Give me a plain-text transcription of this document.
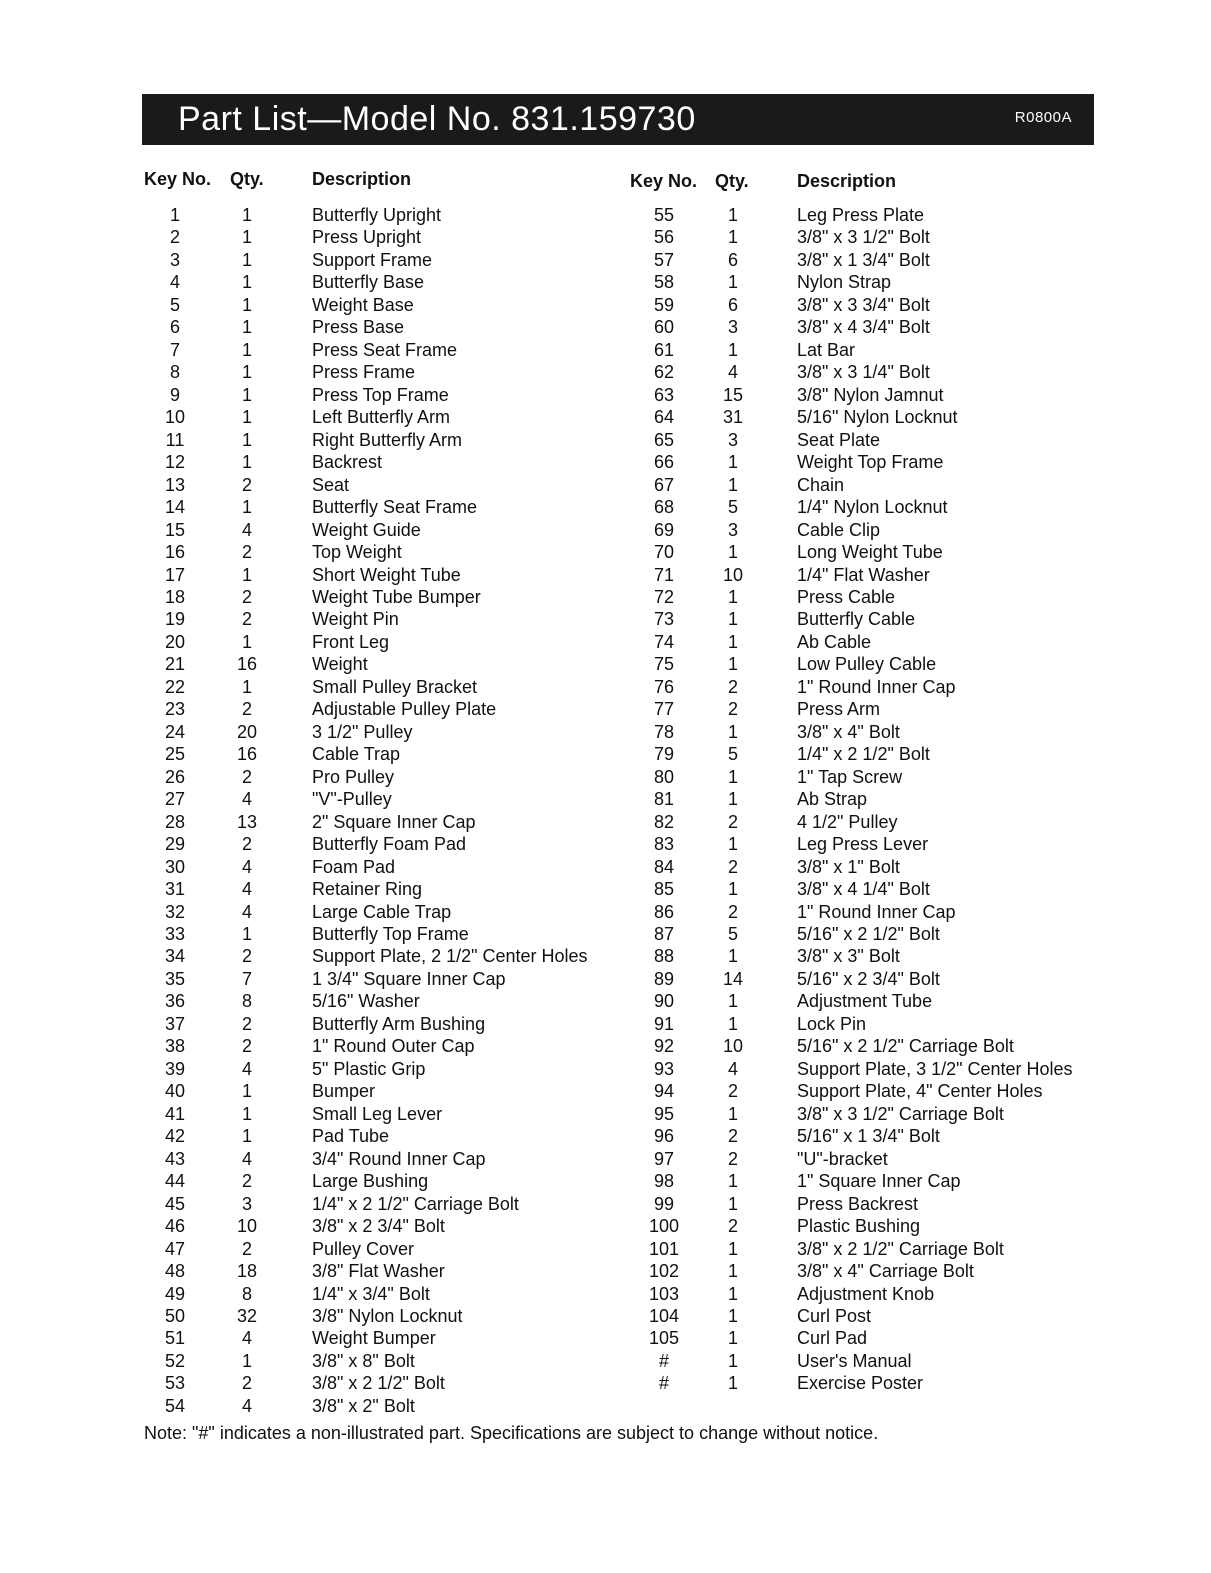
Part List—Model No. 831.159730	R0800A
Key No. Qty.	Description	Key No. Qty.	Description
1	1	Butterfly Upright
2	1	Press Upright
3	1	Support Frame
4	1	Butterfly Base
5	1	Weight Base
6	1	Press Base
7	1	Press Seat Frame
8	1	Press Frame
9	1	Press Top Frame
10	1	Left Butterfly Arm
11	1	Right Butterfly Arm
12	1	Backrest
13	2	Seat
14	1	Butterfly Seat Frame
15	4	Weight Guide
16	2	Top Weight
17	1	Short Weight Tube
18	2	Weight Tube Bumper
19	2	Weight Pin
20	1	Front Leg
21	16	Weight
22	1	Small Pulley Bracket
23	2	Adjustable Pulley Plate
24	20	3 1/2" Pulley
25	16	Cable Trap
26	2	Pro Pulley
27	4	"V"-Pulley
28	13	2" Square Inner Cap
29	2	Butterfly Foam Pad
30	4	Foam Pad
31	4	Retainer Ring
32	4	Large Cable Trap
33	1	Butterfly Top Frame
34	2	Support Plate, 2 1/2" Center Holes
35	7	1 3/4" Square Inner Cap
36	8	5/16" Washer
37	2	Butterfly Arm Bushing
38	2	1" Round Outer Cap
39	4	5" Plastic Grip
40	1	Bumper
41	1	Small Leg Lever
42	1	Pad Tube
43	4	3/4" Round Inner Cap
44	2	Large Bushing
45	3	1/4" x 2 1/2" Carriage Bolt
46	10	3/8" x 2 3/4" Bolt
47	2	Pulley Cover
48	18	3/8" Flat Washer
49	8	1/4" x 3/4" Bolt
50	32	3/8" Nylon Locknut
51	4	Weight Bumper
52	1	3/8" x 8" Bolt
53	2	3/8" x 2 1/2" Bolt
54	4	3/8" x 2" Bolt
55	1	Leg Press Plate
56	1	3/8" x 3 1/2" Bolt
57	6	3/8" x 1 3/4" Bolt
58	1	Nylon Strap
59	6	3/8" x 3 3/4" Bolt
60	3	3/8" x 4 3/4" Bolt
61	1	Lat Bar
62	4	3/8" x 3 1/4" Bolt
63	15	3/8" Nylon Jamnut
64	31	5/16" Nylon Locknut
65	3	Seat Plate
66	1	Weight Top Frame
67	1	Chain
68	5	1/4" Nylon Locknut
69	3	Cable Clip
70	1	Long Weight Tube
71	10	1/4" Flat Washer
72	1	Press Cable
73	1	Butterfly Cable
74	1	Ab Cable
75	1	Low Pulley Cable
76	2	1" Round Inner Cap
77	2	Press Arm
78	1	3/8" x 4" Bolt
79	5	1/4" x 2 1/2" Bolt
80	1	1" Tap Screw
81	1	Ab Strap
82	2	4 1/2" Pulley
83	1	Leg Press Lever
84	2	3/8" x 1" Bolt
85	1	3/8" x 4 1/4" Bolt
86	2	1" Round Inner Cap
87	5	5/16" x 2 1/2" Bolt
88	1	3/8" x 3" Bolt
89	14	5/16" x 2 3/4" Bolt
90	1	Adjustment Tube
91	1	Lock Pin
92	10	5/16" x 2 1/2" Carriage Bolt
93	4	Support Plate, 3 1/2" Center Holes
94	2	Support Plate, 4" Center Holes
95	1	3/8" x 3 1/2" Carriage Bolt
96	2	5/16" x 1 3/4" Bolt
97	2	"U"-bracket
98	1	1" Square Inner Cap
99	1	Press Backrest
100	2	Plastic Bushing
101	1	3/8" x 2 1/2" Carriage Bolt
102	1	3/8" x 4" Carriage Bolt
103	1	Adjustment Knob
104	1	Curl Post
105	1	Curl Pad
#	1	User's Manual
#	1	Exercise Poster
Note: "#" indicates a non-illustrated part. Specifications are subject to change without notice.
